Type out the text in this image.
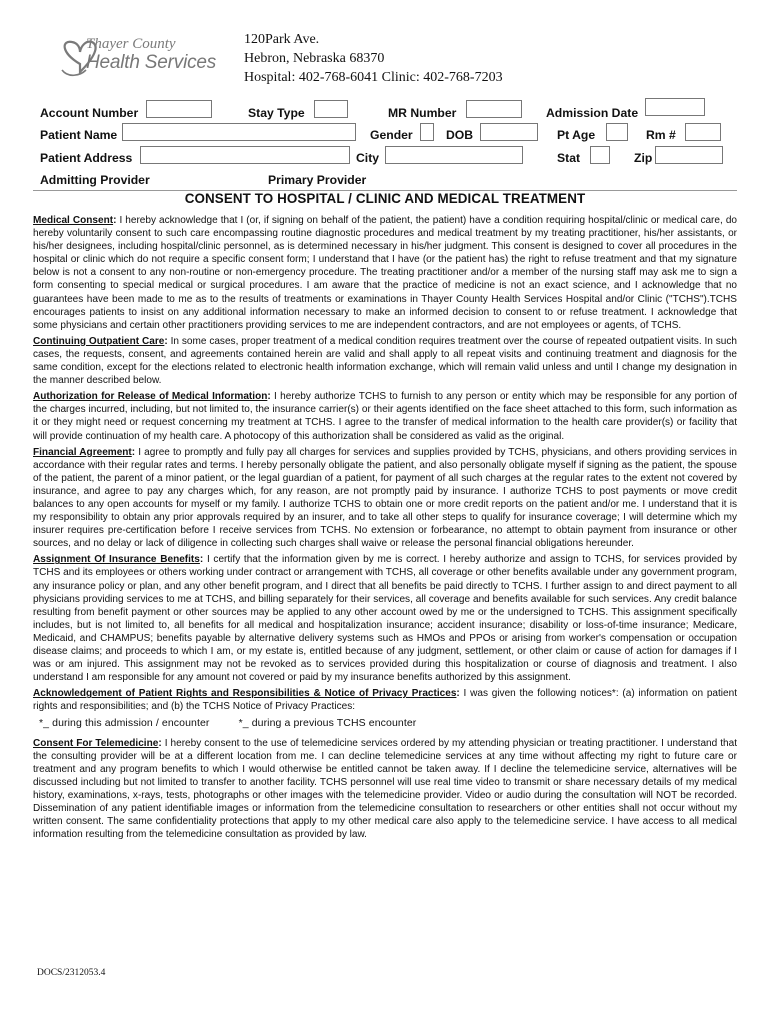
Thayer County
Health Services
120Park Ave.
Hebron, Nebraska 68370
Hospital: 402-768-6041 Clinic: 402-768-7203
Account Number	Stay Type	MR Number	Admission Date
Patient Name	Gender	DOB	Pt Age	Rm #
Patient Address	City	Stat	Zip
Admitting Provider	Primary Provider
CONSENT TO HOSPITAL / CLINIC AND MEDICAL TREATMENT

Medical Consent: I hereby acknowledge that I (or, if signing on behalf of the patient, the patient) have a condition requiring hospital/clinic or medical care, do hereby voluntarily consent to such care encompassing routine diagnostic procedures and medical treatment by my treating practitioner, his/her assistants, or his/her designees, including hospital/clinic personnel, as is determined necessary in his/her judgment. This consent is designed to cover all procedures in the hospital or clinic which do not require a specific consent form; I understand that I have (or the patient has) the right to refuse treatment and that my signature below is not a consent to any non-routine or non-emergency procedure. The treating practitioner and/or a member of the nursing staff may ask me to sign a form consenting to special medical or surgical procedures. I am aware that the practice of medicine is not an exact science, and I acknowledge that no guarantees have been made to me as to the results of treatments or examinations in Thayer County Health Services Hospital and/or Clinic ("TCHS").TCHS encourages patients to insist on any additional information necessary to make an informed decision to consent to or refuse treatment. I acknowledge that some physicians and certain other practitioners providing services to me are independent contractors, and are not employees or agents, of TCHS.

Continuing Outpatient Care: In some cases, proper treatment of a medical condition requires treatment over the course of repeated outpatient visits. In such cases, the requests, consent, and agreements contained herein are valid and shall apply to all repeat visits and continuing treatment and diagnosis for the same condition, except for the elections related to electronic health information exchange, which will remain valid unless and until I change my designation in the manner described below.

Authorization for Release of Medical Information: I hereby authorize TCHS to furnish to any person or entity which may be responsible for any portion of the charges incurred, including, but not limited to, the insurance carrier(s) or their agents identified on the face sheet attached to this form, such information as it or they might need or request concerning my treatment at TCHS. I agree to the transfer of medical information to the health care provider(s) or facility that will provide continuation of my health care. A photocopy of this authorization shall be considered as valid as the original.

Financial Agreement: I agree to promptly and fully pay all charges for services and supplies provided by TCHS, physicians, and others providing services in accordance with their regular rates and terms. I hereby personally obligate the patient, and also personally obligate myself if signing as the patient, the spouse of the patient, the parent of a minor patient, or the legal guardian of a patient, for payment of all such charges at the regular rates to the extent not covered by insurance, and agree to pay any charges which, for any reason, are not promptly paid by insurance. I authorize TCHS to post payments or move credit balances to any open accounts for myself or my family. I authorize TCHS to obtain one or more credit reports on the patient and/or me. I understand that it is my responsibility to obtain any prior approvals required by an insurer, and to take all other steps to qualify for insurance coverage; I will determine which my insurer requires pre-certification before I receive services from TCHS. No extension or forbearance, no attempt to obtain payment from insurance or other sources, and no delay or lack of diligence in collecting such charges shall waive or release the personal financial obligations hereunder.

Assignment Of Insurance Benefits: I certify that the information given by me is correct. I hereby authorize and assign to TCHS, for services provided by TCHS and its employees or others working under contract or arrangement with TCHS, all coverage or other benefits available under any government program, any insurance policy or plan, and any other benefit program, and I direct that all benefits be paid directly to TCHS. I further assign to and direct payment to all physicians providing services to me at TCHS, and billing separately for their services, all coverage and benefits available for such services. Any credit balance resulting from benefit payment or other sources may be applied to any other account owed by me or the undersigned to TCHS. This assignment specifically includes, but is not limited to, all benefits for all medical and hospitalization insurance; accident insurance; disability or loss-of-time insurance; Medicare, Medicaid, and CHAMPUS; benefits payable by alternative delivery systems such as HMOs and PPOs or arising from worker's compensation or occupation disease claims; and proceeds to which I am, or my estate is, entitled because of any judgment, settlement, or other claim or cause of action for damages if I was or am injured. This assignment may not be revoked as to services provided during this hospitalization or course of diagnosis and treatment. I also understand I am responsible for any amount not covered or paid by my insurance benefits authorized by this assignment.

Acknowledgement of Patient Rights and Responsibilities & Notice of Privacy Practices: I was given the following notices*: (a) information on patient rights and responsibilities; and (b) the TCHS Notice of Privacy Practices:

*_ during this admission / encounter	*_ during a previous TCHS encounter

Consent For Telemedicine: I hereby consent to the use of telemedicine services ordered by my attending physician or treating practitioner. I understand that the consulting provider will be at a different location from me. I can decline telemedicine services at any time without affecting my right to future care or treatment and any program benefits to which I would otherwise be entitled cannot be taken away. If I decline the telemedicine service, alternatives will be discussed including but not limited to transfer to another facility. TCHS personnel will use real time video to transmit or share necessary details of my medical history, examinations, x-rays, tests, photographs or other images with the telemedicine provider. Video or audio during the consultation will NOT be recorded. Dissemination of any patient identifiable images or information from the telemedicine consultation to researchers or other entities shall not occur without my written consent. The same confidentiality protections that apply to my other medical care also apply to the telemedicine service. I have access to all medical information resulting from the telemedicine consultation as provided by law.

DOCS/2312053.4
